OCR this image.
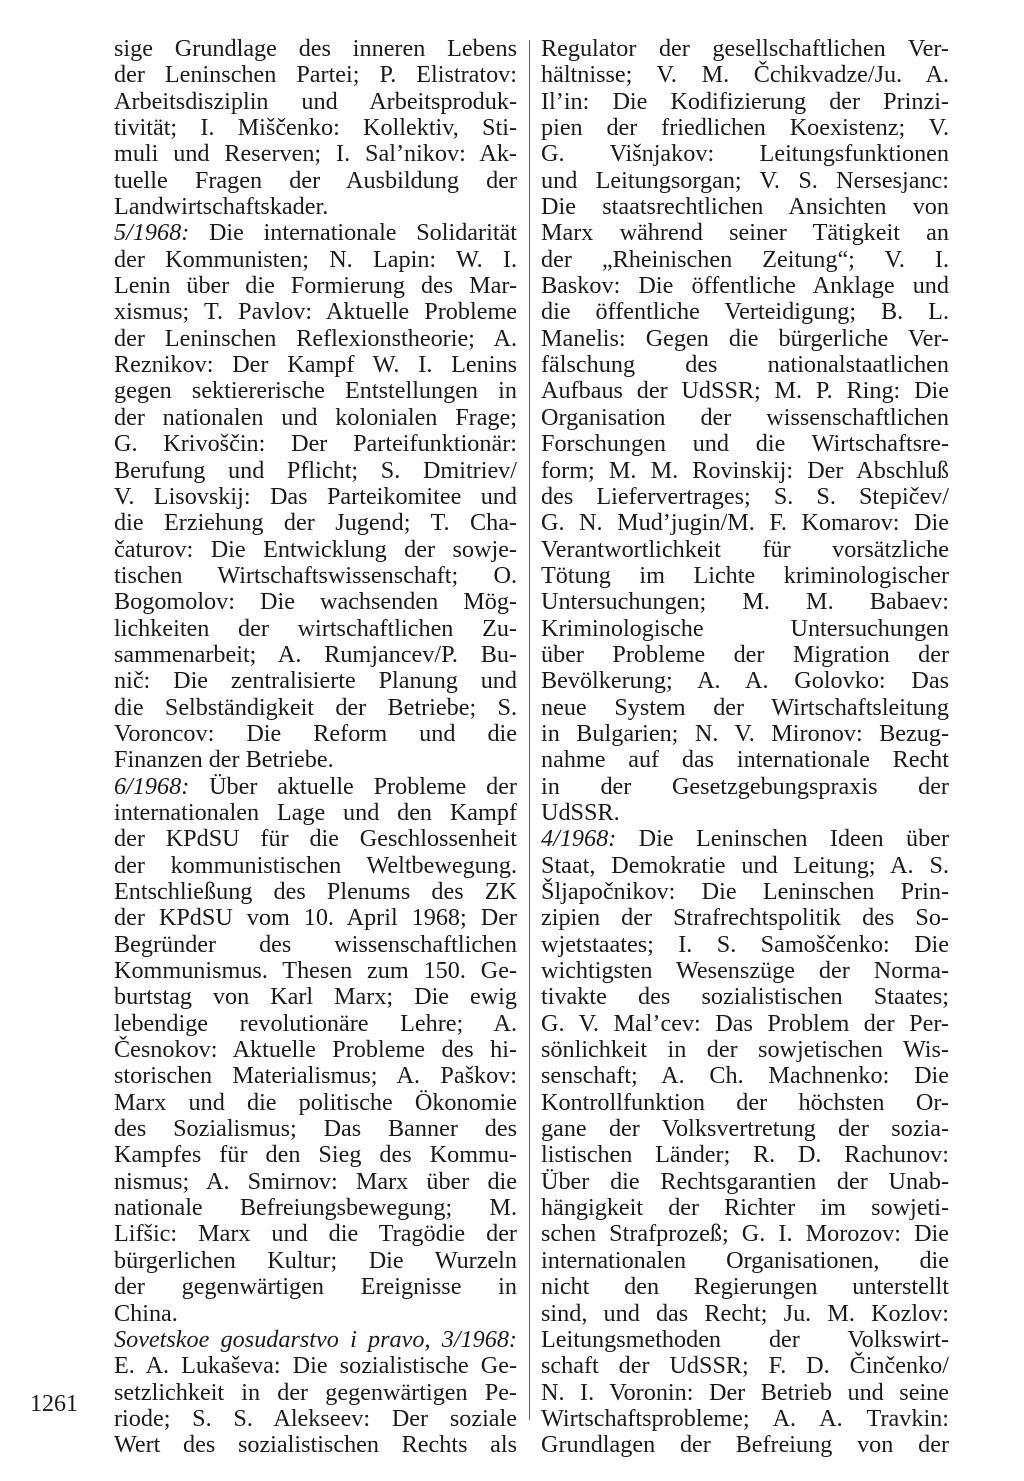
sige Grundlage des inneren Lebens
der Leninschen Partei; P. Elistratov:
Arbeitsdisziplin und Arbeitsproduk-
tivität; I. Miščenko: Kollektiv, Sti-
muli und Reserven; I. Sal’nikov: Ak-
tuelle Fragen der Ausbildung der
Landwirtschaftskader.
5/1968: Die internationale Solidarität
der Kommunisten; N. Lapin: W. I.
Lenin über die Formierung des Mar-
xismus; T. Pavlov: Aktuelle Probleme
der Leninschen Reflexionstheorie; A.
Reznikov: Der Kampf W. I. Lenins
gegen sektiererische Entstellungen in
der nationalen und kolonialen Frage;
G. Krivoščin: Der Parteifunktionär:
Berufung und Pflicht; S. Dmitriev/
V. Lisovskij: Das Parteikomitee und
die Erziehung der Jugend; T. Cha-
čaturov: Die Entwicklung der sowje-
tischen Wirtschaftswissenschaft; O.
Bogomolov: Die wachsenden Mög-
lichkeiten der wirtschaftlichen Zu-
sammenarbeit; A. Rumjancev/P. Bu-
nič: Die zentralisierte Planung und
die Selbständigkeit der Betriebe; S.
Voroncov: Die Reform und die
Finanzen der Betriebe.
6/1968: Über aktuelle Probleme der
internationalen Lage und den Kampf
der KPdSU für die Geschlossenheit
der kommunistischen Weltbewegung.
Entschließung des Plenums des ZK
der KPdSU vom 10. April 1968; Der
Begründer des wissenschaftlichen
Kommunismus. Thesen zum 150. Ge-
burtstag von Karl Marx; Die ewig
lebendige revolutionäre Lehre; A.
Česnokov: Aktuelle Probleme des hi-
storischen Materialismus; A. Paškov:
Marx und die politische Ökonomie
des Sozialismus; Das Banner des
Kampfes für den Sieg des Kommu-
nismus; A. Smirnov: Marx über die
nationale Befreiungsbewegung; M.
Lifšic: Marx und die Tragödie der
bürgerlichen Kultur; Die Wurzeln
der gegenwärtigen Ereignisse in
China.
Sovetskoe gosudarstvo i pravo, 3/1968:
E. A. Lukaševa: Die sozialistische Ge-
setzlichkeit in der gegenwärtigen Pe-
riode; S. S. Alekseev: Der soziale
Wert des sozialistischen Rechts als
Regulator der gesellschaftlichen Ver-
hältnisse; V. M. Čchikvadze/Ju. A.
Il’in: Die Kodifizierung der Prinzi-
pien der friedlichen Koexistenz; V.
G. Višnjakov: Leitungsfunktionen
und Leitungsorgan; V. S. Nersesjanc:
Die staatsrechtlichen Ansichten von
Marx während seiner Tätigkeit an
der „Rheinischen Zeitung“; V. I.
Baskov: Die öffentliche Anklage und
die öffentliche Verteidigung; B. L.
Manelis: Gegen die bürgerliche Ver-
fälschung des nationalstaatlichen
Aufbaus der UdSSR; M. P. Ring: Die
Organisation der wissenschaftlichen
Forschungen und die Wirtschaftsre-
form; M. M. Rovinskij: Der Abschluß
des Liefervertrages; S. S. Stepičev/
G. N. Mud’jugin/M. F. Komarov: Die
Verantwortlichkeit für vorsätzliche
Tötung im Lichte kriminologischer
Untersuchungen; M. M. Babaev:
Kriminologische Untersuchungen
über Probleme der Migration der
Bevölkerung; A. A. Golovko: Das
neue System der Wirtschaftsleitung
in Bulgarien; N. V. Mironov: Bezug-
nahme auf das internationale Recht
in der Gesetzgebungspraxis der
UdSSR.
4/1968: Die Leninschen Ideen über
Staat, Demokratie und Leitung; A. S.
Šljapočnikov: Die Leninschen Prin-
zipien der Strafrechtspolitik des So-
wjetstaates; I. S. Samoščenko: Die
wichtigsten Wesenszüge der Norma-
tivakte des sozialistischen Staates;
G. V. Mal’cev: Das Problem der Per-
sönlichkeit in der sowjetischen Wis-
senschaft; A. Ch. Machnenko: Die
Kontrollfunktion der höchsten Or-
gane der Volksvertretung der sozia-
listischen Länder; R. D. Rachunov:
Über die Rechtsgarantien der Unab-
hängigkeit der Richter im sowjeti-
schen Strafprozeß; G. I. Morozov: Die
internationalen Organisationen, die
nicht den Regierungen unterstellt
sind, und das Recht; Ju. M. Kozlov:
Leitungsmethoden der Volkswirt-
schaft der UdSSR; F. D. Činčenko/
N. I. Voronin: Der Betrieb und seine
Wirtschaftsprobleme; A. A. Travkin:
Grundlagen der Befreiung von der
1261
